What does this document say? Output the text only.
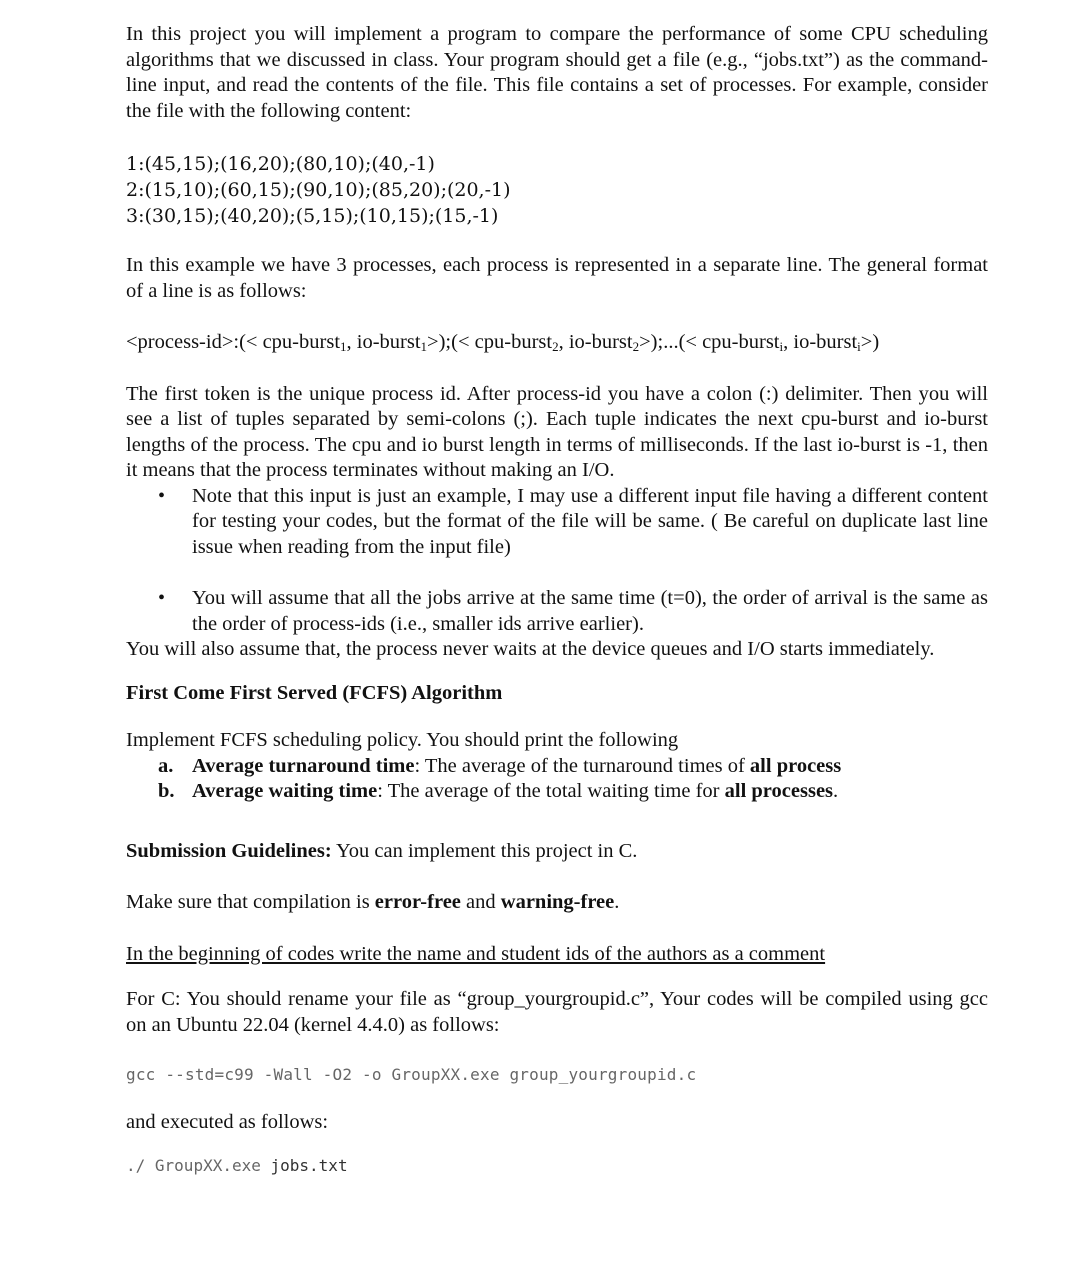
In this project you will implement a program to compare the performance of some CPU scheduling algorithms that we discussed in class. Your program should get a file (e.g., “jobs.txt”) as the command-line input, and read the contents of the file. This file contains a set of processes. For example, consider the file with the following content:

1:(45,15);(16,20);(80,10);(40,-1)
2:(15,10);(60,15);(90,10);(85,20);(20,-1)
3:(30,15);(40,20);(5,15);(10,15);(15,-1)

In this example we have 3 processes, each process is represented in a separate line. The general format of a line is as follows:

<process-id>:(< cpu-burst$_1$, io-burst$_1$>);(< cpu-burst$_2$, io-burst$_2$>);...(< cpu-burst$_i$, io-burst$_i$>)

The first token is the unique process id. After process-id you have a colon (:) delimiter. Then you will see a list of tuples separated by semi-colons (;). Each tuple indicates the next cpu-burst and io-burst lengths of the process. The cpu and io burst length in terms of milliseconds. If the last io-burst is -1, then it means that the process terminates without making an I/O.

• Note that this input is just an example, I may use a different input file having a different content for testing your codes, but the format of the file will be same. ( Be careful on duplicate last line issue when reading from the input file)
• You will assume that all the jobs arrive at the same time (t=0), the order of arrival is the same as the order of process-ids (i.e., smaller ids arrive earlier).

You will also assume that, the process never waits at the device queues and I/O starts immediately.

First Come First Served (FCFS) Algorithm

Implement FCFS scheduling policy. You should print the following

a. Average turnaround time: The average of the turnaround times of all process
b. Average waiting time: The average of the total waiting time for all processes.

Submission Guidelines: You can implement this project in C.

Make sure that compilation is error-free and warning-free.

In the beginning of codes write the name and student ids of the authors as a comment

For C: You should rename your file as “group_yourgroupid.c”, Your codes will be compiled using gcc on an Ubuntu 22.04 (kernel 4.4.0) as follows:

gcc --std=c99 -Wall -O2 -o GroupXX.exe group_yourgroupid.c

and executed as follows:

./ GroupXX.exe jobs.txt
